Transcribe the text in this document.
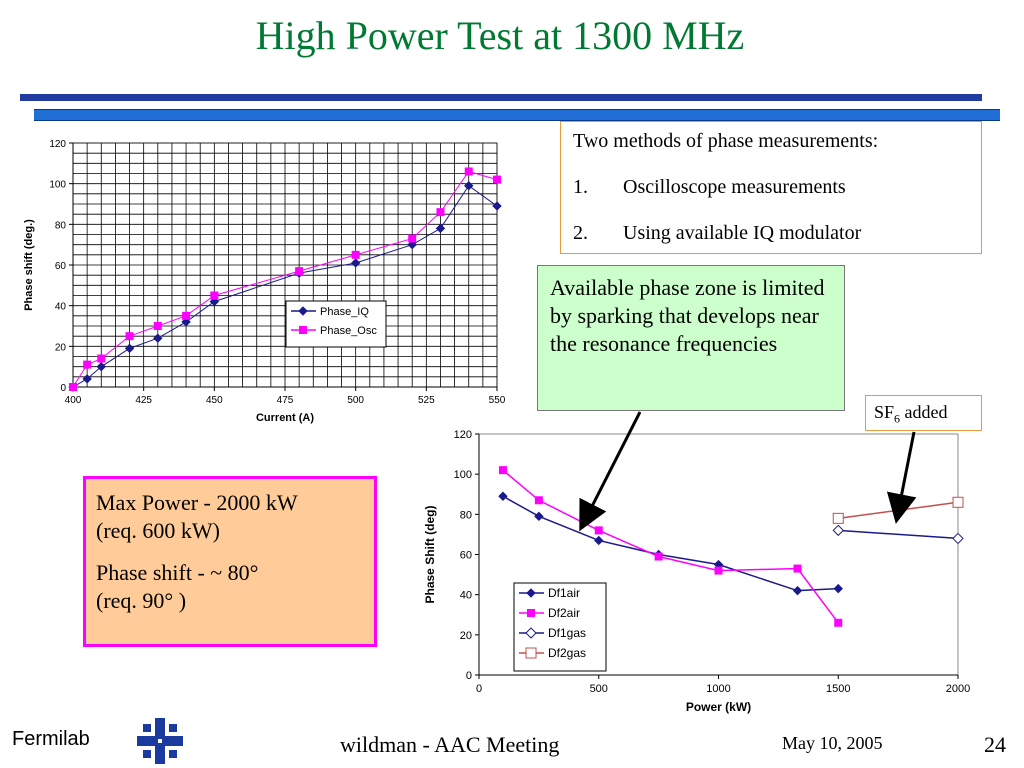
High Power Test at 1300 MHz
0
20
40
60
80
100
120
400	425	450	475	500	525	550
Current (A)
Phase shift (deg.)
Phase_IQ
Phase_Osc
0
20
40
60
80
100
120
0	500	1000	1500	2000
Power (kW)
Phase Shift (deg)	Df1air
Df2air
Df1gas
Df2gas
Two methods of phase measurements:
1. Oscilloscope measurements
2. Using available IQ modulator
Available phase zone is limited by sparking that develops near the resonance frequencies
$SF_6$ added

Max Power - 2000 kW
(req. 600 kW)

Phase shift - ~ 80°
(req. 90° )

Fermilab	wildman - AAC Meeting	May 10, 2005	24
